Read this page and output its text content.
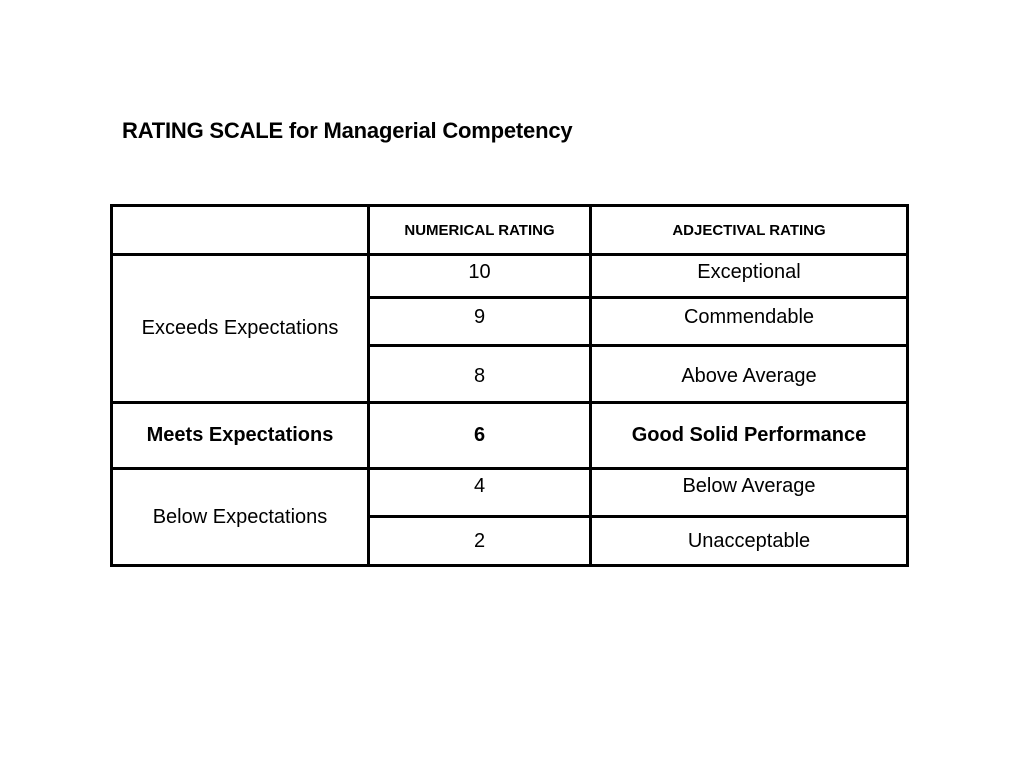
RATING SCALE for Managerial Competency
	NUMERICAL RATING	ADJECTIVAL RATING
Exceeds Expectations	10	Exceptional
	9	Commendable
	8	Above Average
Meets Expectations	6	Good Solid Performance
Below Expectations	4	Below Average
	2	Unacceptable
